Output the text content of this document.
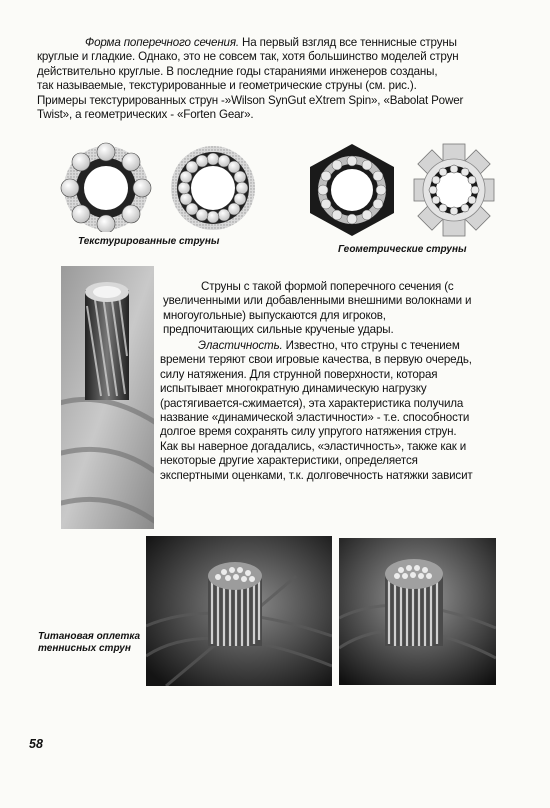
Форма поперечного сечения. На первый взгляд все теннисные струны
круглые и гладкие. Однако, это не совсем так, хотя большинство моделей струн
действительно круглые. В последние годы стараниями инженеров созданы,
так называемые, текстурированные и геометрические струны (см. рис.).
Примеры текстурированных струн -»Wilson SynGut eXtrem Spin», «Babolat Power
Twist», а геометрических - «Forten Gear».
Текстурированные струны
Геометрические струны
Струны с такой формой поперечного сечения (с
увеличенными или добавленными внешними волокнами и
многоугольные) выпускаются для игроков,
предпочитающих сильные крученые удары.
Эластичность. Известно, что струны с течением
времени теряют свои игровые качества, в первую очередь,
силу натяжения. Для струнной поверхности, которая
испытывает многократную динамическую нагрузку
(растягивается-сжимается), эта характеристика получила
название «динамической эластичности» - т.е. способности
долгое время сохранять силу упругого натяжения струн.
Как вы наверное догадались, «эластичность», также как и
некоторые другие характеристики, определяется
экспертными оценками, т.к. долговечность натяжки зависит
Титановая оплетка
теннисных струн
58
